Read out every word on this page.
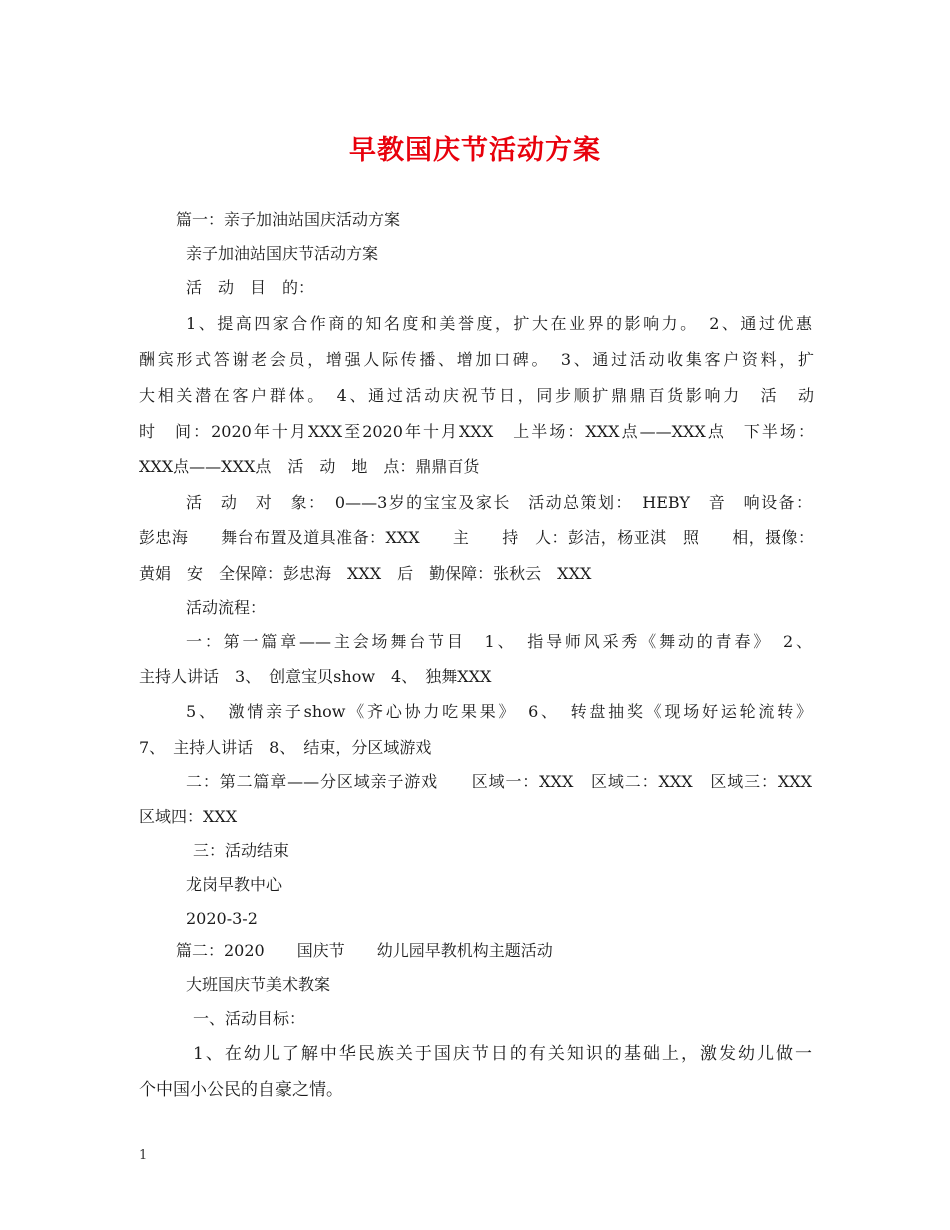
早教国庆节活动方案
篇一：亲子加油站国庆活动方案
亲子加油站国庆节活动方案
活　动　目　的：
1、提高四家合作商的知名度和美誉度，扩大在业界的影响力。　2、通过优惠
酬宾形式答谢老会员，增强人际传播、增加口碑。　3、通过活动收集客户资料，扩
大相关潜在客户群体。　4、通过活动庆祝节日，同步顺扩鼎鼎百货影响力　活　动
时　间：2020年十月XXX至2020年十月XXX　上半场：XXX点——XXX点　下半场：
XXX点——XXX点　活　动　地　点：鼎鼎百货
活　动　对　象：　0——3岁的宝宝及家长　活动总策划：　HEBY　音　响设备：
彭忠海　　舞台布置及道具准备：XXX　　主　　持　人：彭洁，杨亚淇　照　　相，摄像：
黄娟　安　全保障：彭忠海　XXX　后　勤保障：张秋云　XXX
活动流程：
一：第一篇章——主会场舞台节目　1、　指导师风采秀《舞动的青春》　2、
主持人讲话　3、　创意宝贝show　4、　独舞XXX
5、　激情亲子show《齐心协力吃果果》　6、　转盘抽奖《现场好运轮流转》
7、　主持人讲话　8、　结束，分区域游戏
二：第二篇章——分区域亲子游戏　　区域一：XXX　区域二：XXX　区域三：XXX
区域四：XXX
三：活动结束
龙岗早教中心
2020-3-2
篇二：2020　　国庆节　　幼儿园早教机构主题活动
大班国庆节美术教案
一、活动目标：
1、在幼儿了解中华民族关于国庆节日的有关知识的基础上，激发幼儿做一
个中国小公民的自豪之情。
1
